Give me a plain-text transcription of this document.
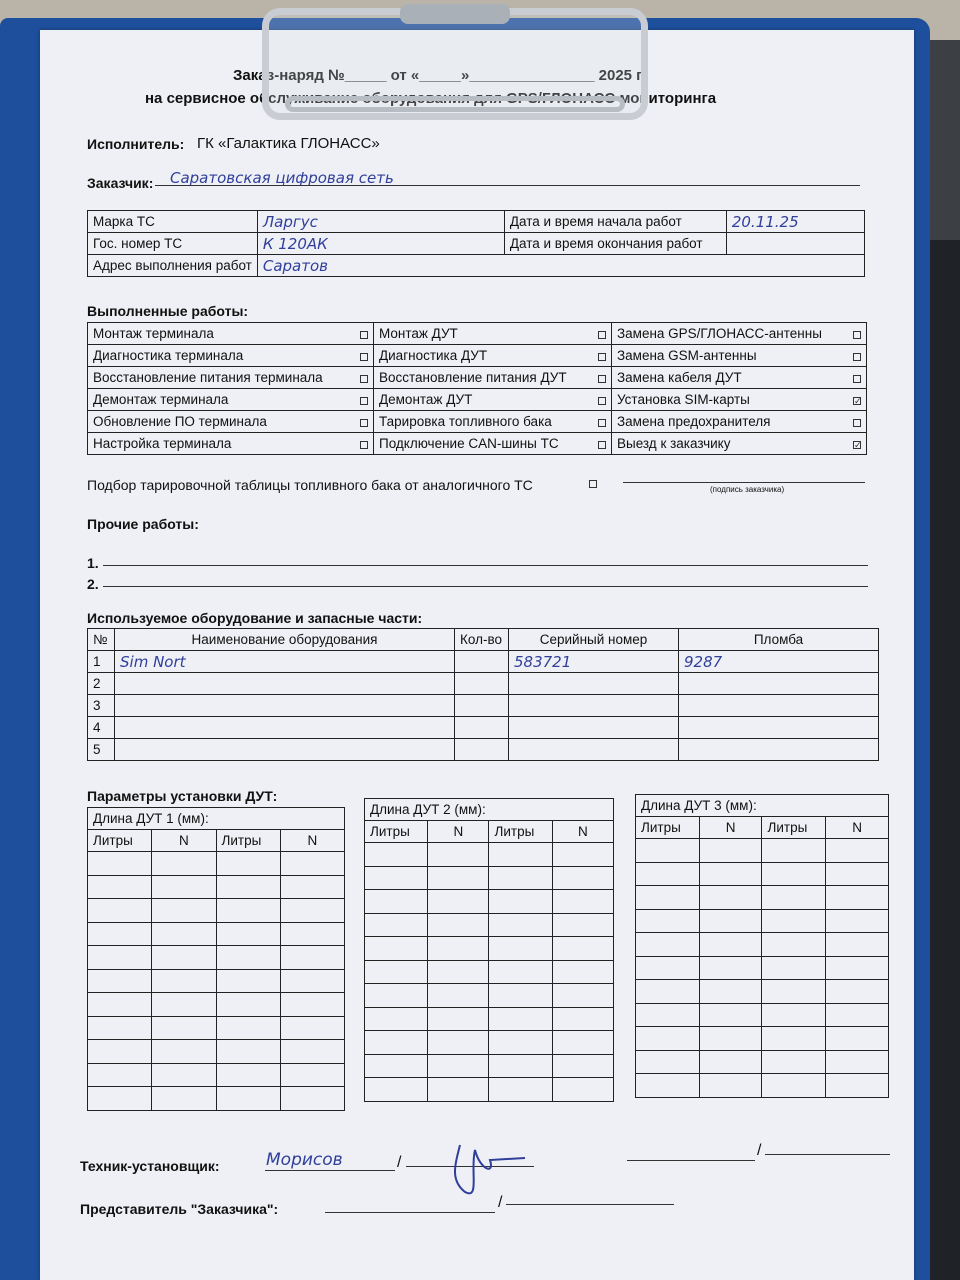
Заказ-наряд №_____ от «_____»_______________ 2025 г.
на сервисное обслуживание оборудования для GPS/ГЛОНАСС мониторинга
Исполнитель: ГК «Галактика ГЛОНАСС»
Заказчик: Саратовская цифровая сеть
Марка ТС	Ларгус	Дата и время начала работ	20.11.25
Гос. номер ТС	К 120АК	Дата и время окончания работ	
Адрес выполнения работ	Саратов		
Выполненные работы:
Монтаж терминала	Монтаж ДУТ	Замена GPS/ГЛОНАСС-антенны

Диагностика терминала	Диагностика ДУТ	Замена GSM-антенны

Восстановление питания терминала	Восстановление питания ДУТ	Замена кабеля ДУТ

Демонтаж терминала	Демонтаж ДУТ	Установка SIM-карты ✓

Обновление ПО терминала	Тарировка топливного бака	Замена предохранителя

Настройка терминала	Подключение CAN-шины ТС	Выезд к заказчику ✓
Подбор тарировочной таблицы топливного бака от аналогичного ТС	(подпись заказчика)
Прочие работы:
1.
2.
Используемое оборудование и запасные части:
№	Наименование оборудования	Кол-во	Серийный номер	Пломба
1	Sim Nort		583721	9287
2				
3				
4				
5				
Параметры установки ДУТ:
Длина ДУТ 1 (мм):			
Литры	N	Литры	N

Длина ДУТ 2 (мм):			
Литры	N	Литры	N

Длина ДУТ 3 (мм):			
Литры	N	Литры	N

Техник-установщик:	Морисов	/
/
Представитель "Заказчика":	/
